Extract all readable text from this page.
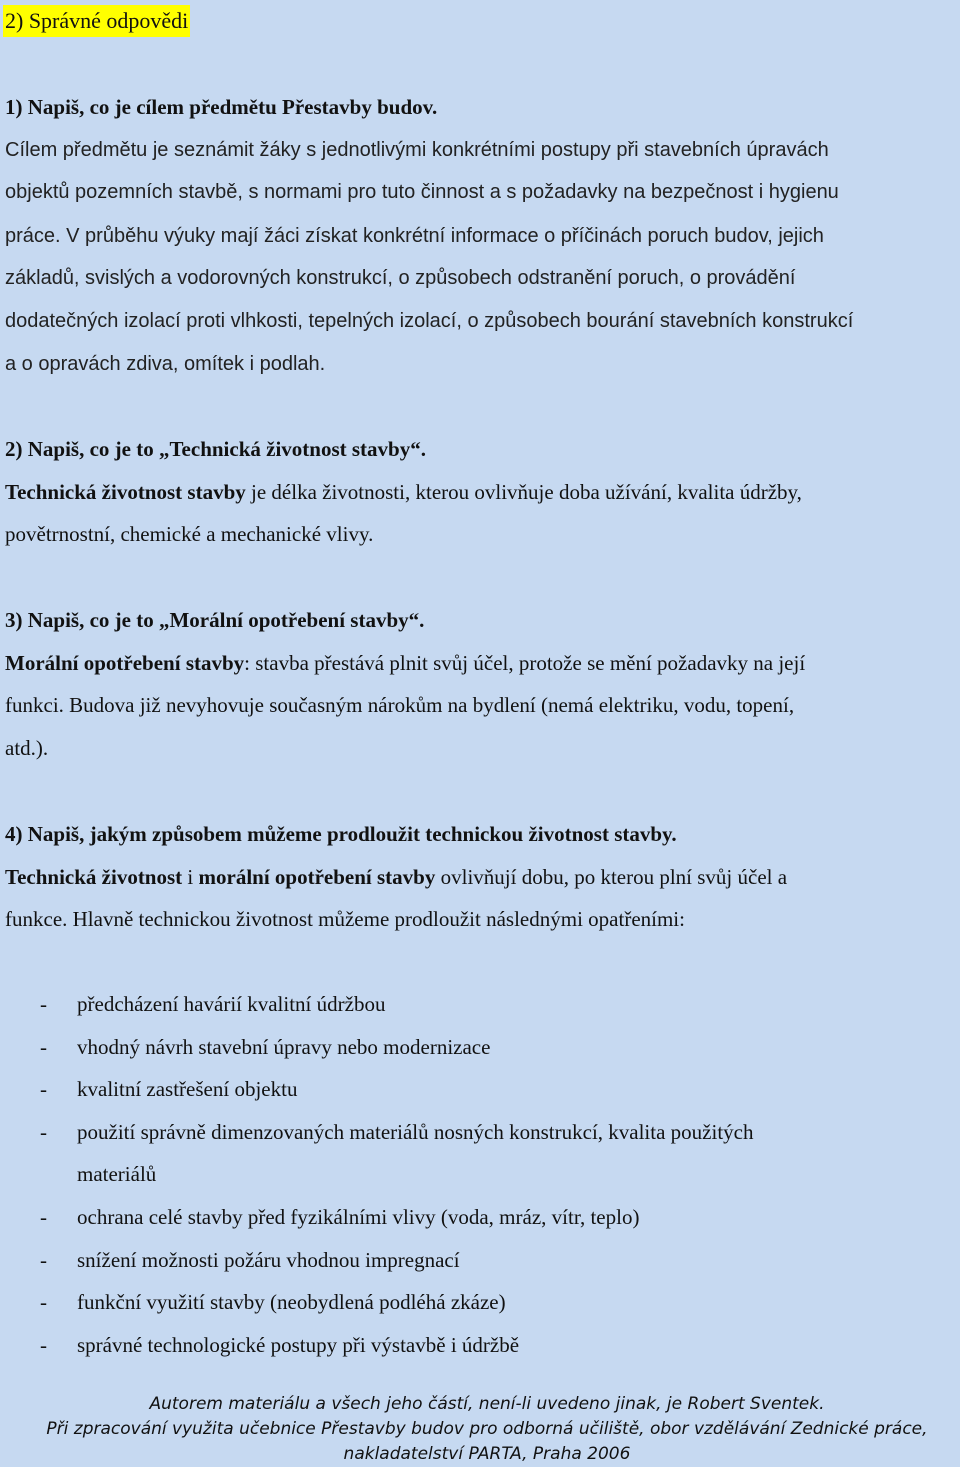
2) Správné odpovědi

1) Napiš, co je cílem předmětu Přestavby budov.

Cílem předmětu je seznámit žáky s jednotlivými konkrétními postupy při stavebních úpravách

objektů pozemních stavbě, s normami pro tuto činnost a s požadavky na bezpečnost i hygienu

práce. V průběhu výuky mají žáci získat konkrétní informace o příčinách poruch budov, jejich

základů, svislých a vodorovných konstrukcí, o způsobech odstranění poruch, o provádění

dodatečných izolací proti vlhkosti, tepelných izolací, o způsobech bourání stavebních konstrukcí

a o opravách zdiva, omítek i podlah.

2) Napiš, co je to „Technická životnost stavby“.

Technická životnost stavby je délka životnosti, kterou ovlivňuje doba užívání, kvalita údržby,

povětrnostní, chemické a mechanické vlivy.

3) Napiš, co je to „Morální opotřebení stavby“.

Morální opotřebení stavby: stavba přestává plnit svůj účel, protože se mění požadavky na její

funkci. Budova již nevyhovuje současným nárokům na bydlení (nemá elektriku, vodu, topení,

atd.).

4) Napiš, jakým způsobem můžeme prodloužit technickou životnost stavby.

Technická životnost i morální opotřebení stavby ovlivňují dobu, po kterou plní svůj účel a

funkce. Hlavně technickou životnost můžeme prodloužit následnými opatřeními:

- předcházení havárií kvalitní údržbou
- vhodný návrh stavební úpravy nebo modernizace
- kvalitní zastřešení objektu
- použití správně dimenzovaných materiálů nosných konstrukcí, kvalita použitých
materiálů
- ochrana celé stavby před fyzikálními vlivy (voda, mráz, vítr, teplo)
- snížení možnosti požáru vhodnou impregnací
- funkční využití stavby (neobydlená podléhá zkáze)
- správné technologické postupy při výstavbě i údržbě
Autorem materiálu a všech jeho částí, není-li uvedeno jinak, je Robert Sventek.
Při zpracování využita učebnice Přestavby budov pro odborná učiliště, obor vzdělávání Zednické práce,
nakladatelství PARTA, Praha 2006
